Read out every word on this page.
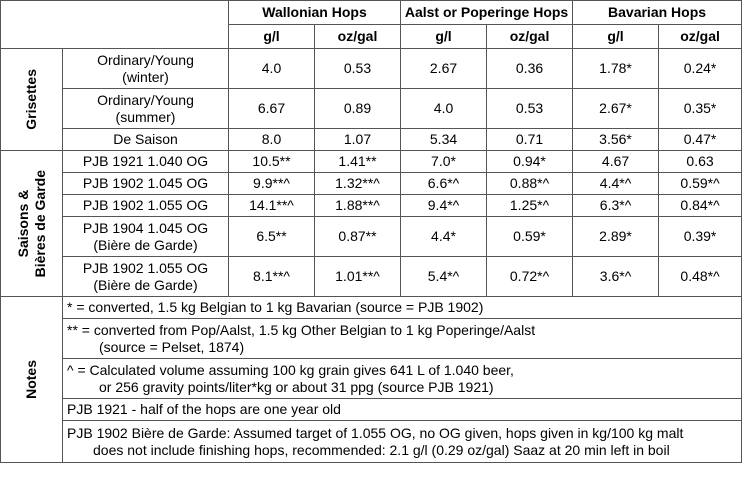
		Wallonian Hops		Aalst or Poperinge Hops		Bavarian Hops	
		g/l	oz/gal	g/l	oz/gal	g/l	oz/gal

Grisettes	Ordinary/Young
(winter)	4.0	0.53	2.67	0.36	1.78*	0.24*

	Ordinary/Young
(summer)	6.67	0.89	4.0	0.53	2.67*	0.35*
	De Saison	8.0	1.07	5.34	0.71	3.56*	0.47*

Saisons &
Bières de Garde	PJB 1921 1.040 OG	10.5**	1.41**	7.0*	0.94*	4.67	0.63
	PJB 1902 1.045 OG	9.9**^	1.32**^	6.6*^	0.88*^	4.4*^	0.59*^
	PJB 1902 1.055 OG	14.1**^	1.88**^	9.4*^	1.25*^	6.3*^	0.84*^

	PJB 1904 1.045 OG
(Bière de Garde)	6.5**	0.87**	4.4*	0.59*	2.89*	0.39*

	PJB 1902 1.055 OG
(Bière de Garde)	8.1**^	1.01**^	5.4*^	0.72*^	3.6*^	0.48*^

Notes	* = converted, 1.5 kg Belgian to 1 kg Bavarian (source = PJB 1902)						

	** = converted from Pop/Aalst, 1.5 kg Other Belgian to 1 kg Poperinge/Aalst
(source = Pelset, 1874)						

	^ = Calculated volume assuming 100 kg grain gives 641 L of 1.040 beer,
or 256 gravity points/liter*kg or about 31 ppg (source PJB 1921)						

	PJB 1921 - half of the hops are one year old						

	PJB 1902 Bière de Garde: Assumed target of 1.055 OG, no OG given, hops given in kg/100 kg malt
does not include finishing hops, recommended: 2.1 g/l (0.29 oz/gal) Saaz at 20 min left in boil						
